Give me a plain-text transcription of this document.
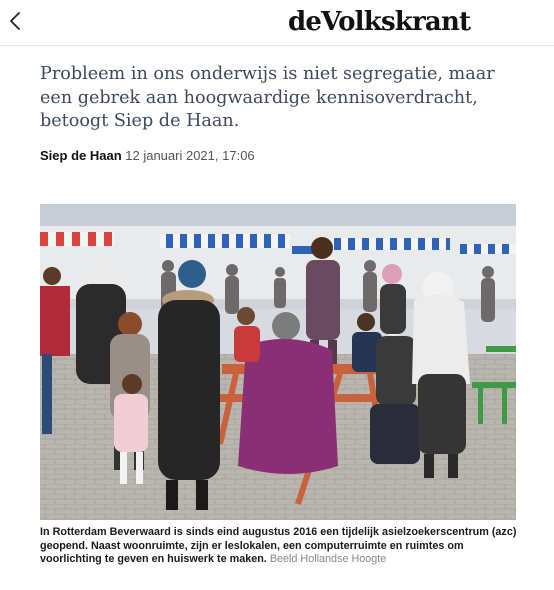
deVolkskrant

Probleem in ons onderwijs is niet segregatie, maar een gebrek aan hoogwaardige kennisoverdracht, betoogt Siep de Haan.

Siep de Haan 12 januari 2021, 17:06

In Rotterdam Beverwaard is sinds eind augustus 2016 een tijdelijk asielzoekerscentrum (azc) geopend. Naast woonruimte, zijn er leslokalen, een computerruimte en ruimtes om voorlichting te geven en huiswerk te maken. Beeld Hollandse Hoogte
